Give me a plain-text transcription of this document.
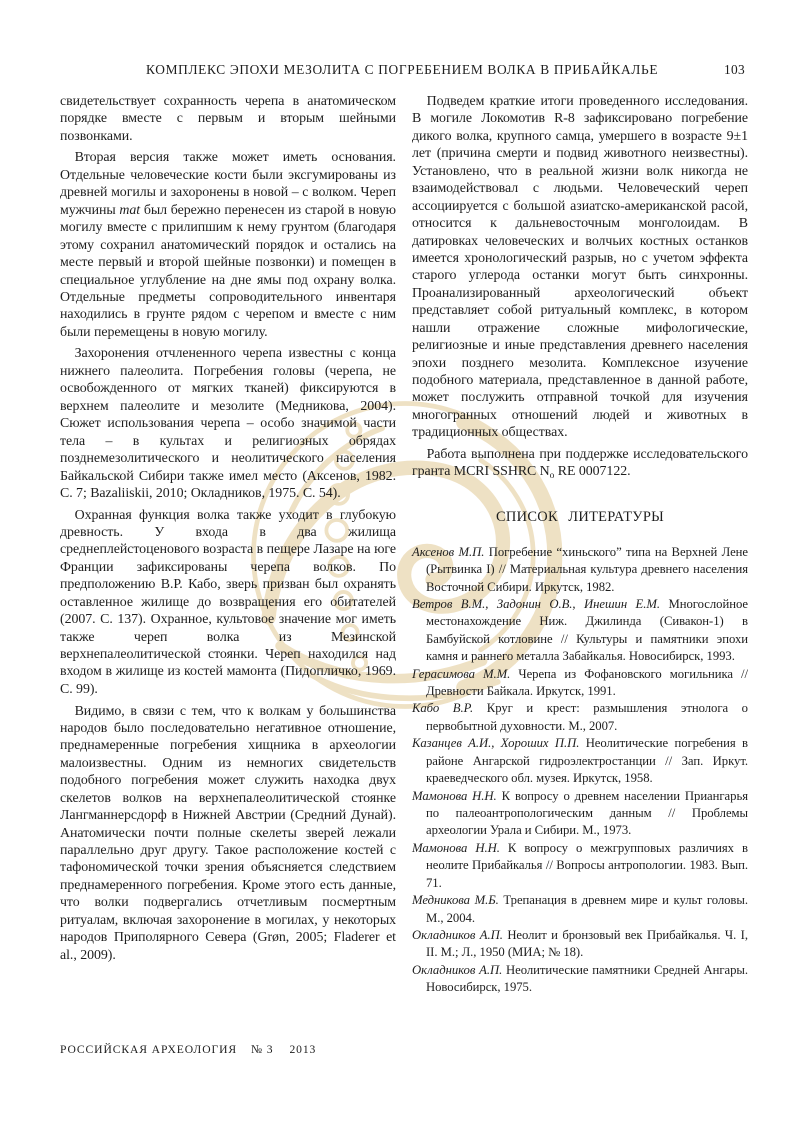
КОМПЛЕКС ЭПОХИ МЕЗОЛИТА С ПОГРЕБЕНИЕМ ВОЛКА В ПРИБАЙКАЛЬЕ	103

свидетельствует сохранность черепа в анатомическом порядке вместе с первым и вторым шейными позвонками.

Вторая версия также может иметь основания. Отдельные человеческие кости были эксгумированы из древней могилы и захоронены в новой – с волком. Череп мужчины mat был бережно перенесен из старой в новую могилу вместе с прилипшим к нему грунтом (благодаря этому сохранил анатомический порядок и остались на месте первый и второй шейные позвонки) и помещен в специальное углубление на дне ямы под охрану волка. Отдельные предметы сопроводительного инвентаря находились в грунте рядом с черепом и вместе с ним были перемещены в новую могилу.

Захоронения отчлененного черепа известны с конца нижнего палеолита. Погребения головы (черепа, не освобожденного от мягких тканей) фиксируются в верхнем палеолите и мезолите (Медникова, 2004). Сюжет использования черепа – особо значимой части тела – в культах и религиозных обрядах позднемезолитического и неолитического населения Байкальской Сибири также имел место (Аксенов, 1982. С. 7; Bazaliiskii, 2010; Окладников, 1975. С. 54).

Охранная функция волка также уходит в глубокую древность. У входа в два жилища среднеплейстоценового возраста в пещере Лазаре на юге Франции зафиксированы черепа волков. По предположению В.Р. Кабо, зверь призван был охранять оставленное жилище до возвращения его обитателей (2007. С. 137). Охранное, культовое значение мог иметь также череп волка из Мезинской верхнепалеолитической стоянки. Череп находился над входом в жилище из костей мамонта (Пидопличко, 1969. С. 99).

Видимо, в связи с тем, что к волкам у большинства народов было последовательно негативное отношение, преднамеренные погребения хищника в археологии малоизвестны. Одним из немногих свидетельств подобного погребения может служить находка двух скелетов волков на верхнепалеолитической стоянке Лангманнерсдорф в Нижней Австрии (Средний Дунай). Анатомически почти полные скелеты зверей лежали параллельно друг другу. Такое расположение костей с тафономической точки зрения объясняется следствием преднамеренного погребения. Кроме этого есть данные, что волки подвергались отчетливым посмертным ритуалам, включая захоронение в могилах, у некоторых народов Приполярного Севера (Grøn, 2005; Fladerer et al., 2009).

Подведем краткие итоги проведенного исследования. В могиле Локомотив R-8 зафиксировано погребение дикого волка, крупного самца, умершего в возрасте 9±1 лет (причина смерти и подвид животного неизвестны). Установлено, что в реальной жизни волк никогда не взаимодействовал с людьми. Человеческий череп ассоциируется с большой азиатско-американской расой, относится к дальневосточным монголоидам. В датировках человеческих и волчьих костных останков имеется хронологический разрыв, но с учетом эффекта старого углерода останки могут быть синхронны. Проанализированный археологический объект представляет собой ритуальный комплекс, в котором нашли отражение сложные мифологические, религиозные и иные представления древнего населения эпохи позднего мезолита. Комплексное изучение подобного материала, представленное в данной работе, может послужить отправной точкой для изучения многогранных отношений людей и животных в традиционных обществах.

Работа выполнена при поддержке исследовательского гранта MCRI SSHRC $N_o$ RE 0007122.

СПИСОК ЛИТЕРАТУРЫ
Аксенов М.П. Погребение “хиньского” типа на Верхней Лене (Рытвинка I) // Материальная культура древнего населения Восточной Сибири. Иркутск, 1982.
Ветров В.М., Задонин О.В., Инешин Е.М. Многослойное местонахождение Ниж. Джилинда (Сивакон-1) в Бамбуйской котловине // Культуры и памятники эпохи камня и раннего металла Забайкалья. Новосибирск, 1993.
Герасимова М.М. Черепа из Фофановского могильника // Древности Байкала. Иркутск, 1991.
Кабо В.Р. Круг и крест: размышления этнолога о первобытной духовности. М., 2007.
Казанцев А.И., Хороших П.П. Неолитические погребения в районе Ангарской гидроэлектростанции // Зап. Иркут. краеведческого обл. музея. Иркутск, 1958.
Мамонова Н.Н. К вопросу о древнем населении Приангарья по палеоантропологическим данным // Проблемы археологии Урала и Сибири. М., 1973.
Мамонова Н.Н. К вопросу о межгрупповых различиях в неолите Прибайкалья // Вопросы антропологии. 1983. Вып. 71.
Медникова М.Б. Трепанация в древнем мире и культ головы. М., 2004.
Окладников А.П. Неолит и бронзовый век Прибайкалья. Ч. I, II. М.; Л., 1950 (МИА; № 18).
Окладников А.П. Неолитические памятники Средней Ангары. Новосибирск, 1975.
РОССИЙСКАЯ АРХЕОЛОГИЯ № 3 2013
